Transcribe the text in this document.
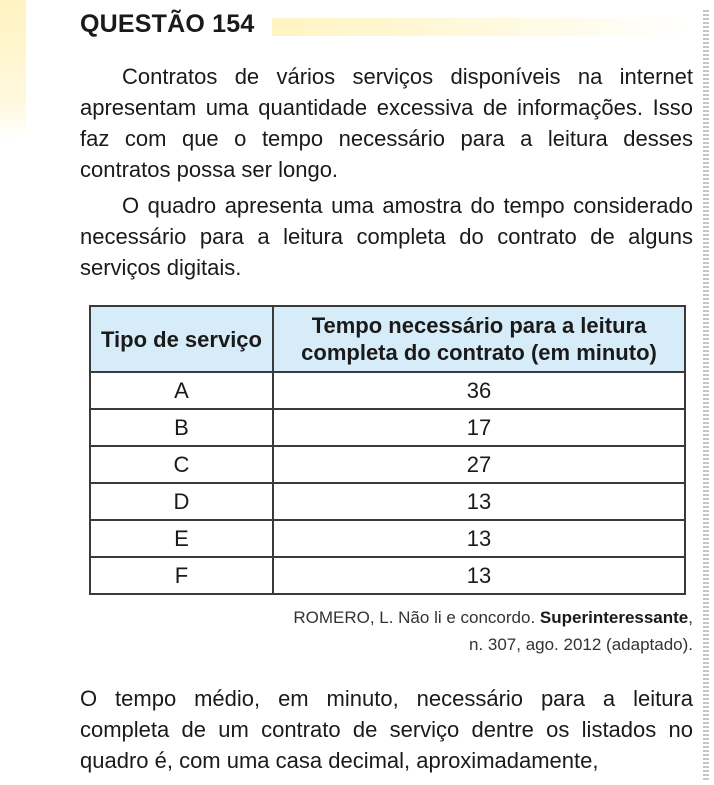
QUESTÃO 154

Contratos de vários serviços disponíveis na internet apresentam uma quantidade excessiva de informações. Isso faz com que o tempo necessário para a leitura desses contratos possa ser longo.

O quadro apresenta uma amostra do tempo considerado necessário para a leitura completa do contrato de alguns serviços digitais.

Tipo de serviço	Tempo necessário para a leitura completa do contrato (em minuto)
A	36
B	17
C	27
D	13
E	13
F	13

ROMERO, L. Não li e concordo. Superinteressante,
n. 307, ago. 2012 (adaptado).

O tempo médio, em minuto, necessário para a leitura completa de um contrato de serviço dentre os listados no quadro é, com uma casa decimal, aproximadamente,
